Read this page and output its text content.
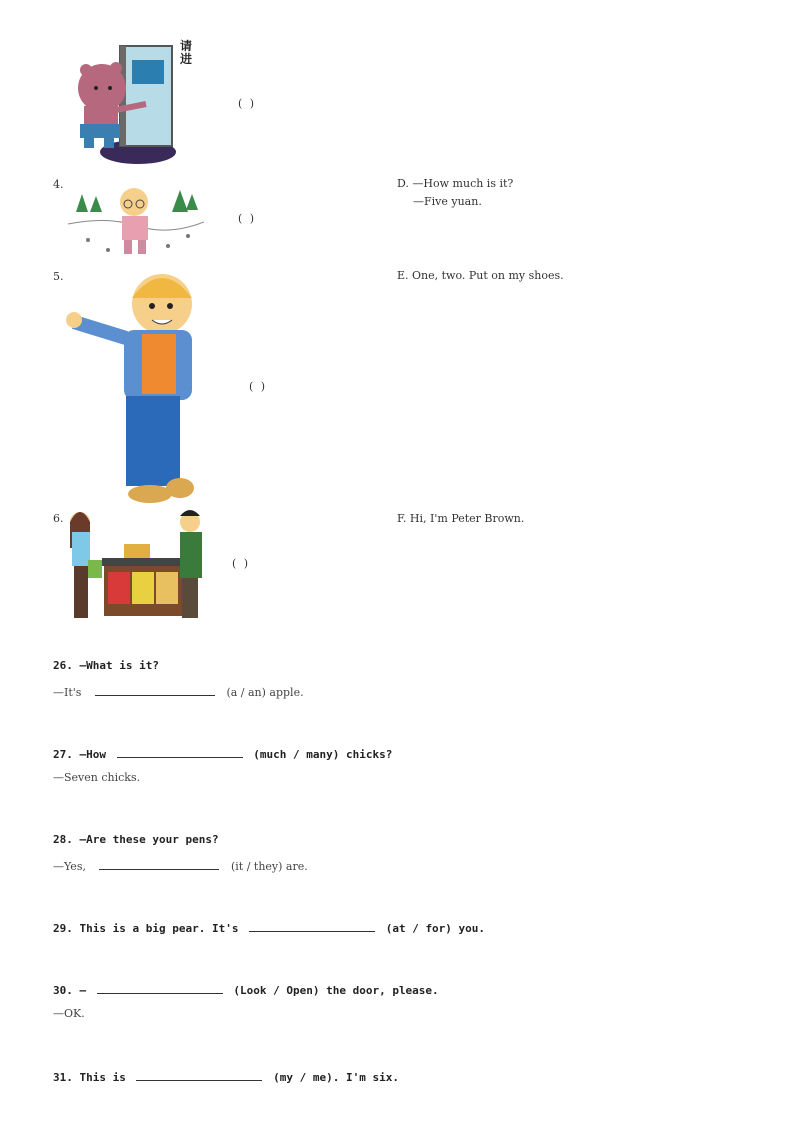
请进
( )
4.
( )
D. —How much is it?
—Five yuan.
5.
( )
E. One, two. Put on my shoes.
6.
( )
F. Hi, I'm Peter Brown.
26. —What is it?
—It's	(a / an) apple.
27. —How	(much / many) chicks?
—Seven chicks.
28. —Are these your pens?
—Yes,	(it / they) are.
29. This is a big pear. It's	(at / for) you.
30. —	(Look / Open) the door, please.
—OK.
31. This is	(my / me). I'm six.
